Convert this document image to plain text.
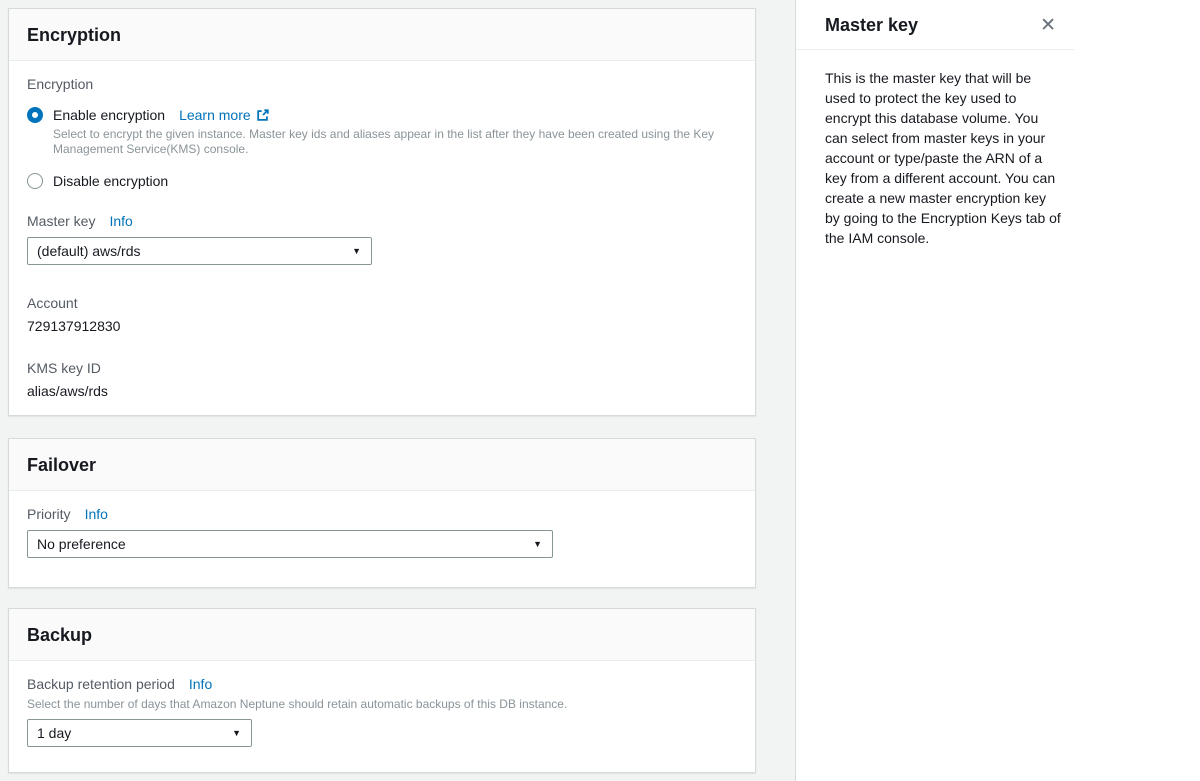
Encryption
Encryption
Enable encryption Learn more
Select to encrypt the given instance. Master key ids and aliases appear in the list after they have been created using the Key Management Service(KMS) console.
Disable encryption
Master key Info
(default) aws/rds	▼
Account
729137912830
KMS key ID
alias/aws/rds
Failover
Priority Info
No preference	▼
Backup
Backup retention period Info
Select the number of days that Amazon Neptune should retain automatic backups of this DB instance.
1 day	▼
Master key	✕

This is the master key that will be used to protect the key used to encrypt this database volume. You can select from master keys in your account or type/paste the ARN of a key from a different account. You can create a new master encryption key by going to the Encryption Keys tab of the IAM console.
